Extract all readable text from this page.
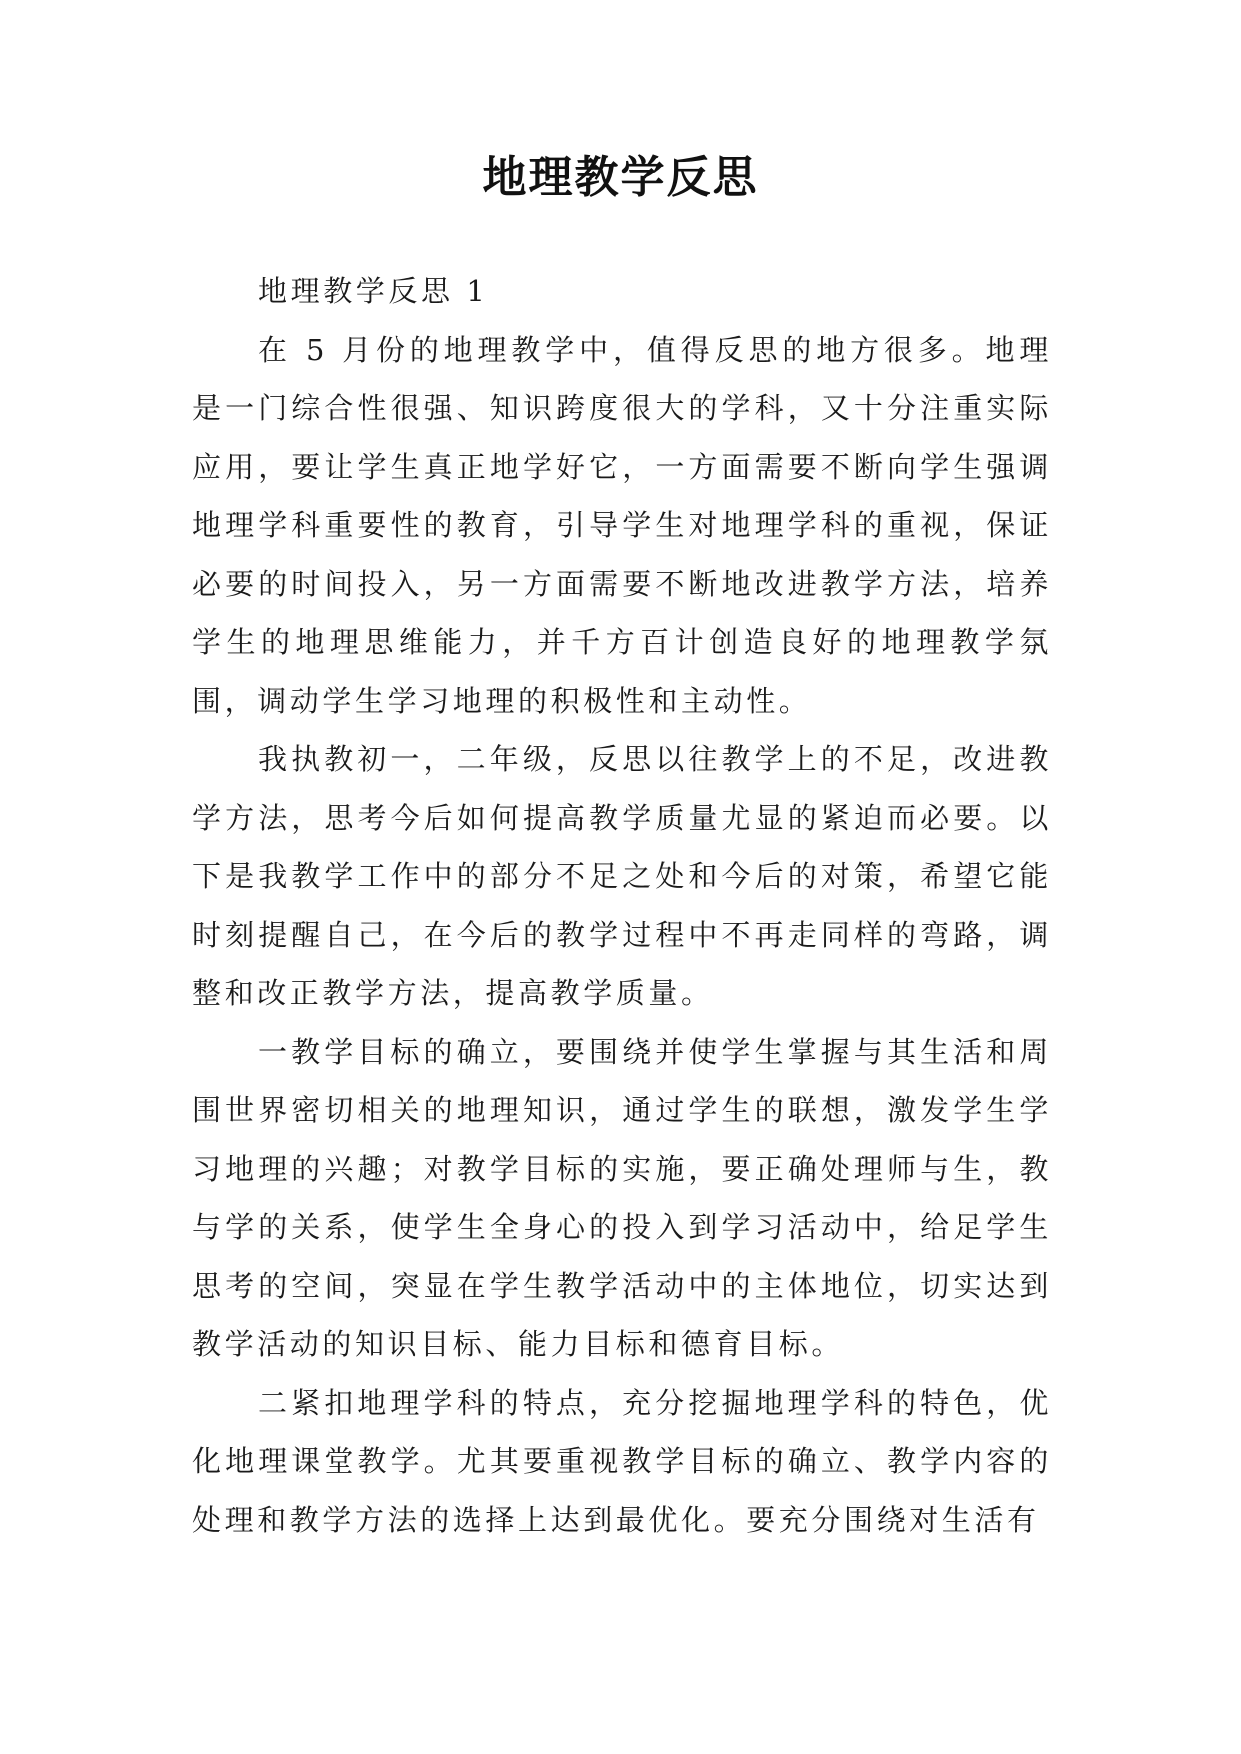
地理教学反思

地理教学反思 1

在 5 月份的地理教学中，值得反思的地方很多。地理是一门综合性很强、知识跨度很大的学科，又十分注重实际应用，要让学生真正地学好它，一方面需要不断向学生强调地理学科重要性的教育，引导学生对地理学科的重视，保证必要的时间投入，另一方面需要不断地改进教学方法，培养学生的地理思维能力，并千方百计创造良好的地理教学氛围，调动学生学习地理的积极性和主动性。

我执教初一，二年级，反思以往教学上的不足，改进教学方法，思考今后如何提高教学质量尤显的紧迫而必要。以下是我教学工作中的部分不足之处和今后的对策，希望它能时刻提醒自己，在今后的教学过程中不再走同样的弯路，调整和改正教学方法，提高教学质量。

一教学目标的确立，要围绕并使学生掌握与其生活和周围世界密切相关的地理知识，通过学生的联想，激发学生学习地理的兴趣；对教学目标的实施，要正确处理师与生，教与学的关系，使学生全身心的投入到学习活动中，给足学生思考的空间，突显在学生教学活动中的主体地位，切实达到教学活动的知识目标、能力目标和德育目标。

二紧扣地理学科的特点，充分挖掘地理学科的特色，优化地理课堂教学。尤其要重视教学目标的确立、教学内容的处理和教学方法的选择上达到最优化。要充分围绕对生活有
